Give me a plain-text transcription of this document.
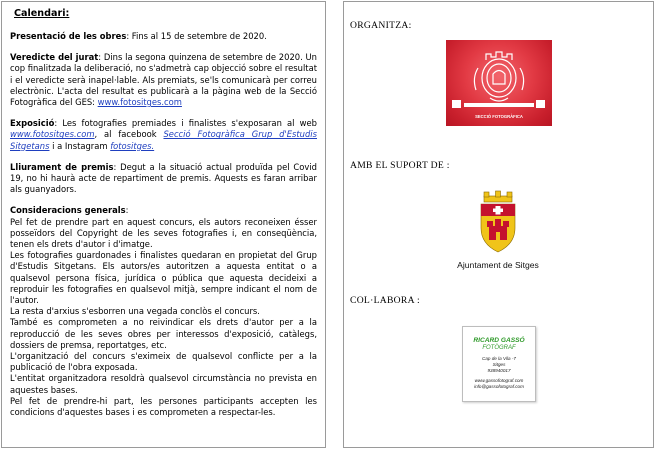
Calendari:
Presentació de les obres: Fins al 15 de setembre de 2020.
Veredicte del jurat: Dins la segona quinzena de setembre de 2020. Un cop finalitzada la deliberació, no s'admetrà cap objecció sobre el resultat i el veredicte serà inapel·lable. Als premiats, se'ls comunicarà per correu electrònic. L'acta del resultat es publicarà a la pàgina web de la Secció Fotogràfica del GES: www.fotositges.com
Exposició: Les fotografies premiades i finalistes s'exposaran al web www.fotositges.com, al facebook Secció Fotogràfica Grup d'Estudis Sitgetans i a Instagram fotositges.
Lliurament de premis: Degut a la situació actual produïda pel Covid 19, no hi haurà acte de repartiment de premis. Aquests es faran arribar als guanyadors.

Consideracions generals:

Pel fet de prendre part en aquest concurs, els autors reconeixen ésser posseïdors del Copyright de les seves fotografies i, en conseqüència, tenen els drets d'autor i d'imatge.

Les fotografies guardonades i finalistes quedaran en propietat del Grup d'Estudis Sitgetans. Els autors/es autoritzen a aquesta entitat o a qualsevol persona física, jurídica o pública que aquesta decideixi a reproduir les fotografies en qualsevol mitjà, sempre indicant el nom de l'autor.

La resta d'arxius s'esborren una vegada conclòs el concurs.

També es comprometen a no reivindicar els drets d'autor per a la reproducció de les seves obres per interessos d'exposició, catàlegs, dossiers de premsa, reportatges, etc.

L'organització del concurs s'eximeix de qualsevol conflicte per a la publicació de l'obra exposada.

L'entitat organitzadora resoldrà qualsevol circumstància no prevista en aquestes bases.

Pel fet de prendre-hi part, les persones participants accepten les condicions d'aquestes bases i es comprometen a respectar-les.

ORGANITZA:
SECCIÓ FOTOGRÀFICA
AMB EL SUPORT DE :
Ajuntament de Sitges
COL·LABORA :
RICARD GASSÓ
FOTÒGRAF
Cap de la Vila -7
Sitges
938940017
www.gassofotograf.com
info@gassofotograf.com
